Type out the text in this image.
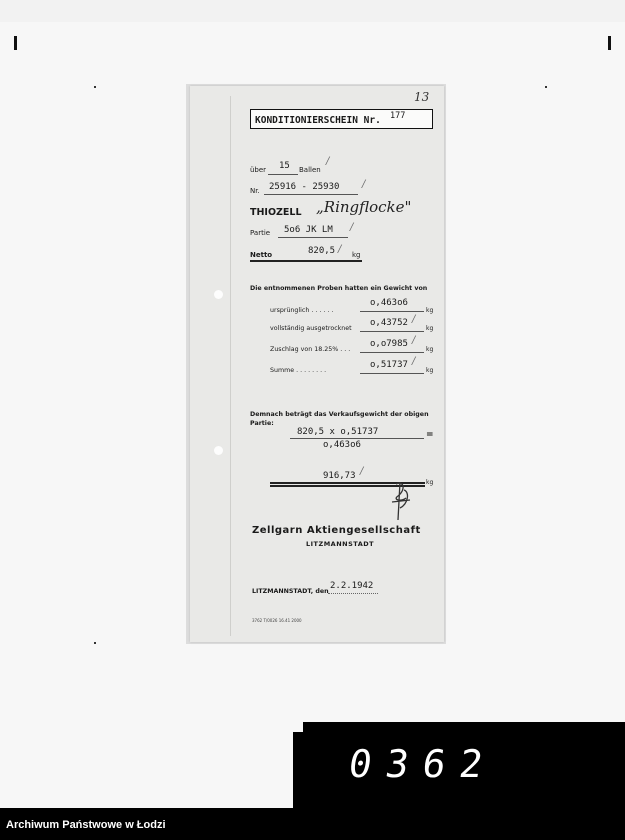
13
KONDITIONIERSCHEIN Nr. 177
über 15 Ballen
/
Nr. 25916 - 25930 /
THIOZELL „Ringflocke"
Partie 5o6 JK LM /
Netto	820,5 / kg
Die entnommenen Proben hatten ein Gewicht von
ursprünglich . . . . . .
o,463o6
kg
vollständig ausgetrocknet
o,43752 /
kg
Zuschlag von 18.25% . . .
o,o7985 /
kg
Summe . . . . . . . .
o,51737 /
kg
Demnach beträgt das Verkaufsgewicht der obigen
Partie:
820,5 x o,51737	=
o,463o6
916,73 /
kg
Zellgarn Aktiengesellschaft
LITZMANNSTADT
LITZMANNSTADT, den
2.2.1942
3762 T/0026 16.41 2000
0362
Archiwum Państwowe w Łodzi
